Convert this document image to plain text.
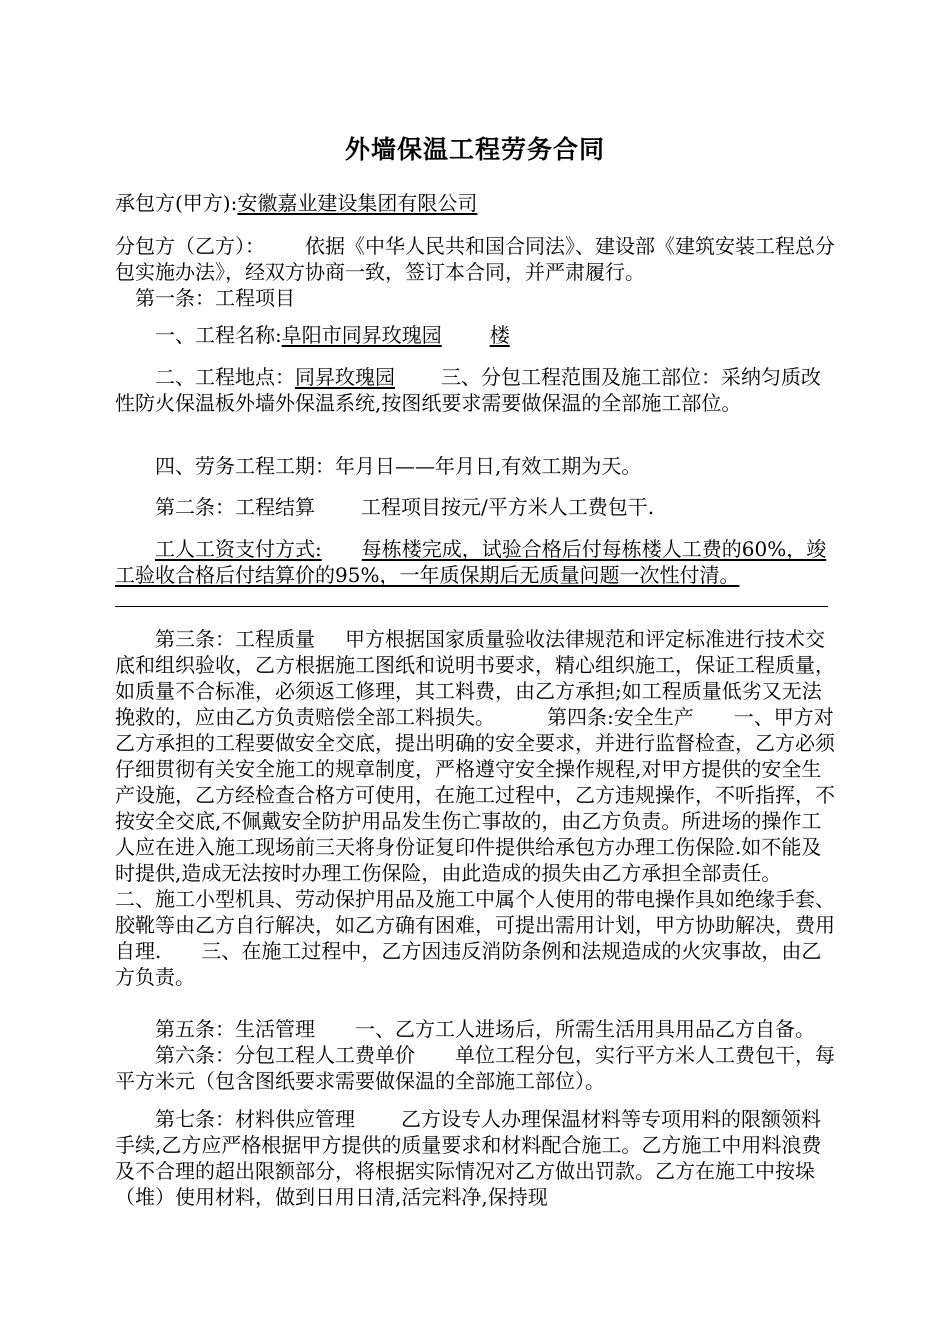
外墙保温工程劳务合同

承包方(甲方):安徽嘉业建设集团有限公司

分包方（乙方）： 依据《中华人民共和国合同法》、建设部《建筑安装工程总分包实施办法》，经双方协商一致，签订本合同，并严肃履行。
第一条：工程项目

一、工程名称:阜阳市同昇玫瑰园 楼

二、工程地点：同昇玫瑰园 三、分包工程范围及施工部位：采纳匀质改性防火保温板外墙外保温系统,按图纸要求需要做保温的全部施工部位。

四、劳务工程工期：年月日——年月日,有效工期为天。

第二条：工程结算 工程项目按元/平方米人工费包干.

工人工资支付方式: 每栋楼完成，试验合格后付每栋楼人工费的60%，竣工验收合格后付结算价的95%，一年质保期后无质量问题一次性付清。

第三条：工程质量 甲方根据国家质量验收法律规范和评定标准进行技术交底和组织验收，乙方根据施工图纸和说明书要求，精心组织施工，保证工程质量，如质量不合标准，必须返工修理，其工料费，由乙方承担;如工程质量低劣又无法挽救的，应由乙方负责赔偿全部工料损失。	第四条:安全生产 一、甲方对乙方承担的工程要做安全交底，提出明确的安全要求，并进行监督检查，乙方必须仔细贯彻有关安全施工的规章制度，严格遵守安全操作规程,对甲方提供的安全生产设施，乙方经检查合格方可使用，在施工过程中，乙方违规操作，不听指挥，不按安全交底,不佩戴安全防护用品发生伤亡事故的，由乙方负责。所进场的操作工人应在进入施工现场前三天将身份证复印件提供给承包方办理工伤保险.如不能及时提供,造成无法按时办理工伤保险，由此造成的损失由乙方承担全部责任。二、施工小型机具、劳动保护用品及施工中属个人使用的带电操作具如绝缘手套、胶靴等由乙方自行解决，如乙方确有困难，可提出需用计划，甲方协助解决，费用自理. 三、在施工过程中，乙方因违反消防条例和法规造成的火灾事故，由乙方负责。

第五条：生活管理 一、乙方工人进场后，所需生活用具用品乙方自备。第六条：分包工程人工费单价 单位工程分包，实行平方米人工费包干，每平方米元（包含图纸要求需要做保温的全部施工部位）。

第七条：材料供应管理 乙方设专人办理保温材料等专项用料的限额领料手续,乙方应严格根据甲方提供的质量要求和材料配合施工。乙方施工中用料浪费及不合理的超出限额部分，将根据实际情况对乙方做出罚款。乙方在施工中按垛（堆）使用材料，做到日用日清,活完料净,保持现
